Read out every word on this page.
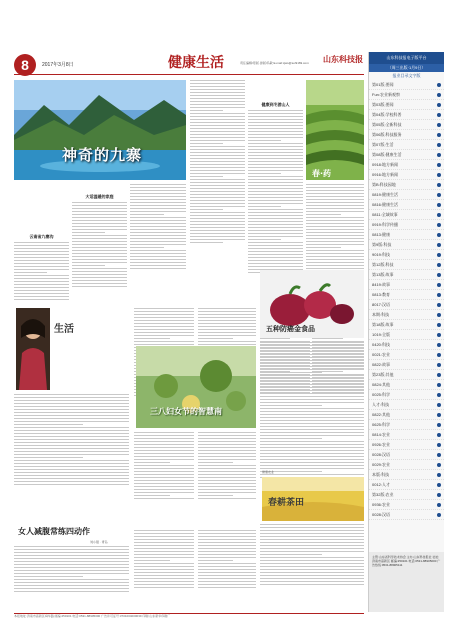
8	2017年3月8日	健康生活	责任编辑/原版·排版/冯敏 E-mail:cjws@sohl169.com 山东科技报
神奇的九寨
云南省九寨沟
大话温暖的家庭
健康到冬游山人
春·药
生活
女人减腹常练四动作
刘小强 · 青岛
三八妇女节的智慧南
五种防癌金食品
健康农业
春耕茶田
山东科技报电子版平台
（周三出版·1月9日）
报业目录文字版
第01版:要闻
Fun:农业新观察
第03版:要闻
第04版:学校科普
第05版:全新科技
第06版:科技服务
第07版:生活
第08版:健康生活
0918:地方新闻
0916:地方新闻
第B:科技园地
0819:健康生活
0816:健康生活
0811:全域故事
0919:科学传播
0813:健康
第9版:科技
9019:科技
第12版:科技
第13版:故事
8419:故事
0813:教育
8017:汉语
本期:科技
第18版:故事
1019:全版
0420:科技
0021:农业
0822:故事
第23版:其他
0824:其他
0025:科学
人才:科技
0822:其他
0625:科学
0814:农业
0926:农业
0028:汉语
0029:农业
本版:科技
0012:人才
第32版:农业
0936:农业
0028:汉语
主管:山东省科学技术协会 主办:山东科技报社 社址:济南市高新区 邮编:250101 电话:0531-88905000 广告热线:0531-88905111
本报地址:济南市高新区舜华路 邮编:250101 电话:0531-88905000 广告许可证号:3701004000039 印刷:山东新华印刷厂
